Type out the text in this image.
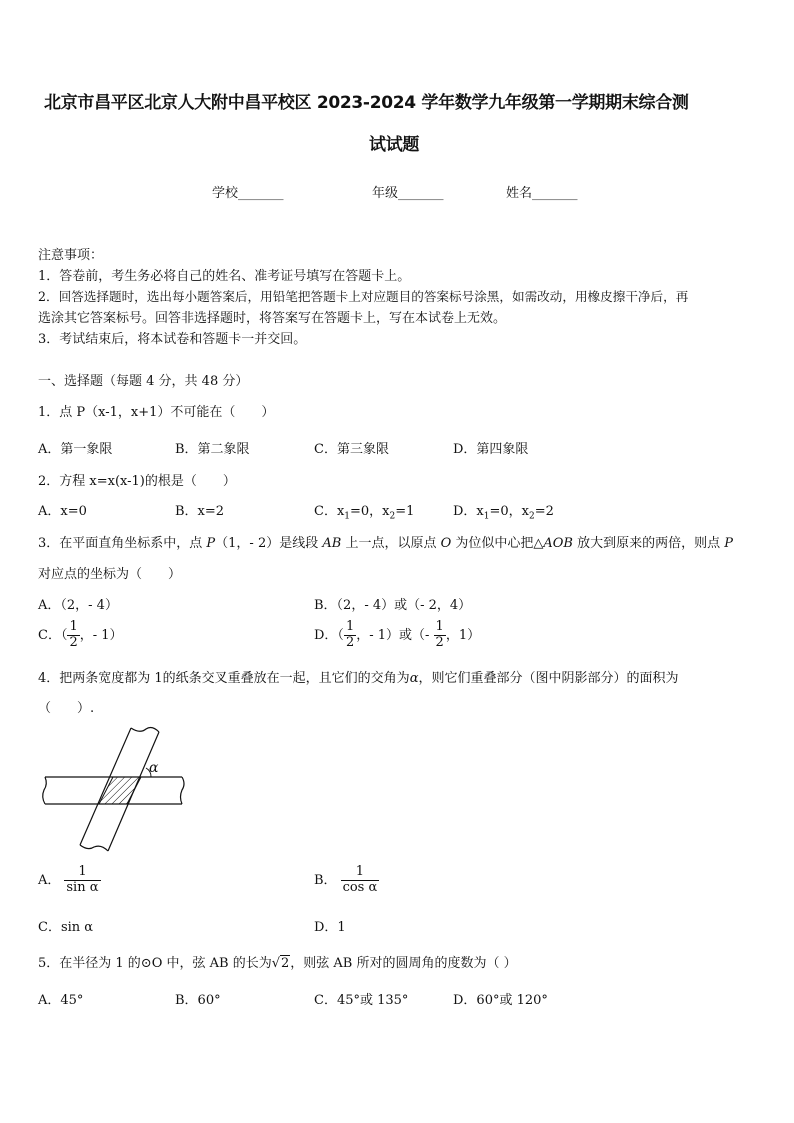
北京市昌平区北京人大附中昌平校区 2023-2024 学年数学九年级第一学期期末综合测
试试题
学校_______	年级_______	姓名_______
注意事项：
1．答卷前，考生务必将自己的姓名、准考证号填写在答题卡上。
2．回答选择题时，选出每小题答案后，用铅笔把答题卡上对应题目的答案标号涂黑，如需改动，用橡皮擦干净后，再
选涂其它答案标号。回答非选择题时，将答案写在答题卡上，写在本试卷上无效。
3．考试结束后，将本试卷和答题卡一并交回。
一、选择题（每题 4 分，共 48 分）
1．点 P（x-1，x+1）不可能在（　　）
A．第一象限	B．第二象限	C．第三象限	D．第四象限
2．方程 x=x(x-1)的根是（　　）
A．x=0	B．x=2	C．$x_1=0$，$x_2=1$	D．$x_1=0$，$x_2=2$
3．在平面直角坐标系中，点 P（1，- 2）是线段 AB 上一点，以原点 O 为位似中心把△AOB 放大到原来的两倍，则点 P
对应点的坐标为（　　）
A．（2，- 4）	B．（2，- 4）或（- 2，4）
C．（ $\frac{1}{2}$ ，- 1）	D．（ $\frac{1}{2}$ ，- 1）或（- $\frac{1}{2}$ ，1）
4．把两条宽度都为 1的纸条交叉重叠放在一起，且它们的交角为α，则它们重叠部分（图中阴影部分）的面积为
（　　）.
α
A． $\frac{1}{\text{sin α}}$	B． $\frac{1}{\text{cos α}}$
C．sin α	D．1
5．在半径为 1 的⊙O 中，弦 AB 的长为√2，则弦 AB 所对的圆周角的度数为（ ）
A．45°	B．60°	C．45°或 135°	D．60°或 120°
